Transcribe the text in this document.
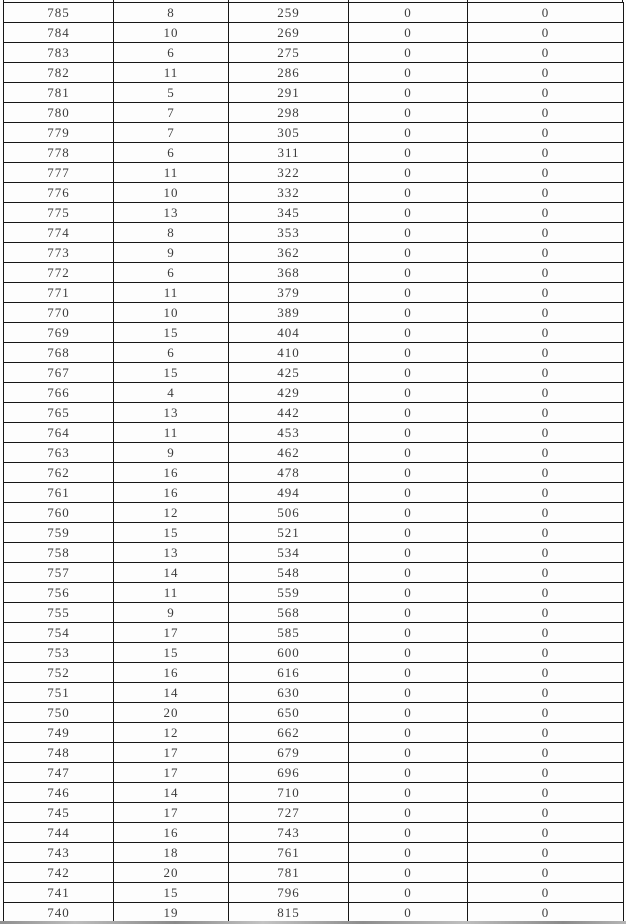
785	8	259	0	0
784	10	269	0	0
783	6	275	0	0
782	11	286	0	0
781	5	291	0	0
780	7	298	0	0
779	7	305	0	0
778	6	311	0	0
777	11	322	0	0
776	10	332	0	0
775	13	345	0	0
774	8	353	0	0
773	9	362	0	0
772	6	368	0	0
771	11	379	0	0
770	10	389	0	0
769	15	404	0	0
768	6	410	0	0
767	15	425	0	0
766	4	429	0	0
765	13	442	0	0
764	11	453	0	0
763	9	462	0	0
762	16	478	0	0
761	16	494	0	0
760	12	506	0	0
759	15	521	0	0
758	13	534	0	0
757	14	548	0	0
756	11	559	0	0
755	9	568	0	0
754	17	585	0	0
753	15	600	0	0
752	16	616	0	0
751	14	630	0	0
750	20	650	0	0
749	12	662	0	0
748	17	679	0	0
747	17	696	0	0
746	14	710	0	0
745	17	727	0	0
744	16	743	0	0
743	18	761	0	0
742	20	781	0	0
741	15	796	0	0
740	19	815	0	0
